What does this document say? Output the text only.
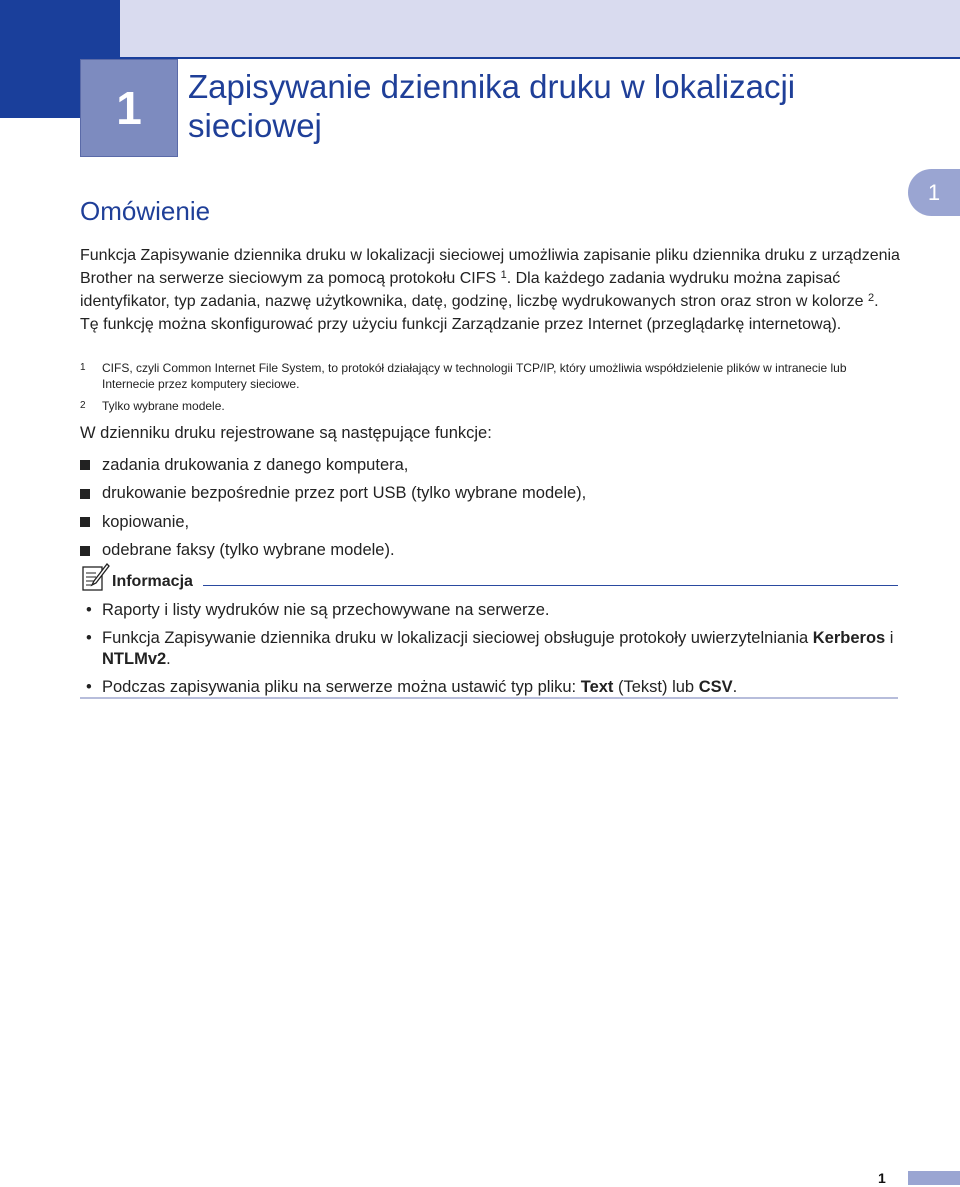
1	Zapisywanie dziennika druku w lokalizacji sieciowej
1
Omówienie

Funkcja Zapisywanie dziennika druku w lokalizacji sieciowej umożliwia zapisanie pliku dziennika druku z urządzenia Brother na serwerze sieciowym za pomocą protokołu CIFS $^1$. Dla każdego zadania wydruku można zapisać identyfikator, typ zadania, nazwę użytkownika, datę, godzinę, liczbę wydrukowanych stron oraz stron w kolorze $^2$. Tę funkcję można skonfigurować przy użyciu funkcji Zarządzanie przez Internet (przeglądarkę internetową).

1	CIFS, czyli Common Internet File System, to protokół działający w technologii TCP/IP, który umożliwia współdzielenie plików w intranecie lub Internecie przez komputery sieciowe.
2	Tylko wybrane modele.

W dzienniku druku rejestrowane są następujące funkcje:

zadania drukowania z danego komputera,
drukowanie bezpośrednie przez port USB (tylko wybrane modele),
kopiowanie,
odebrane faksy (tylko wybrane modele).
Informacja
• Raporty i listy wydruków nie są przechowywane na serwerze.
• Funkcja Zapisywanie dziennika druku w lokalizacji sieciowej obsługuje protokoły uwierzytelniania Kerberos i NTLMv2.
• Podczas zapisywania pliku na serwerze można ustawić typ pliku: Text (Tekst) lub CSV.
1
